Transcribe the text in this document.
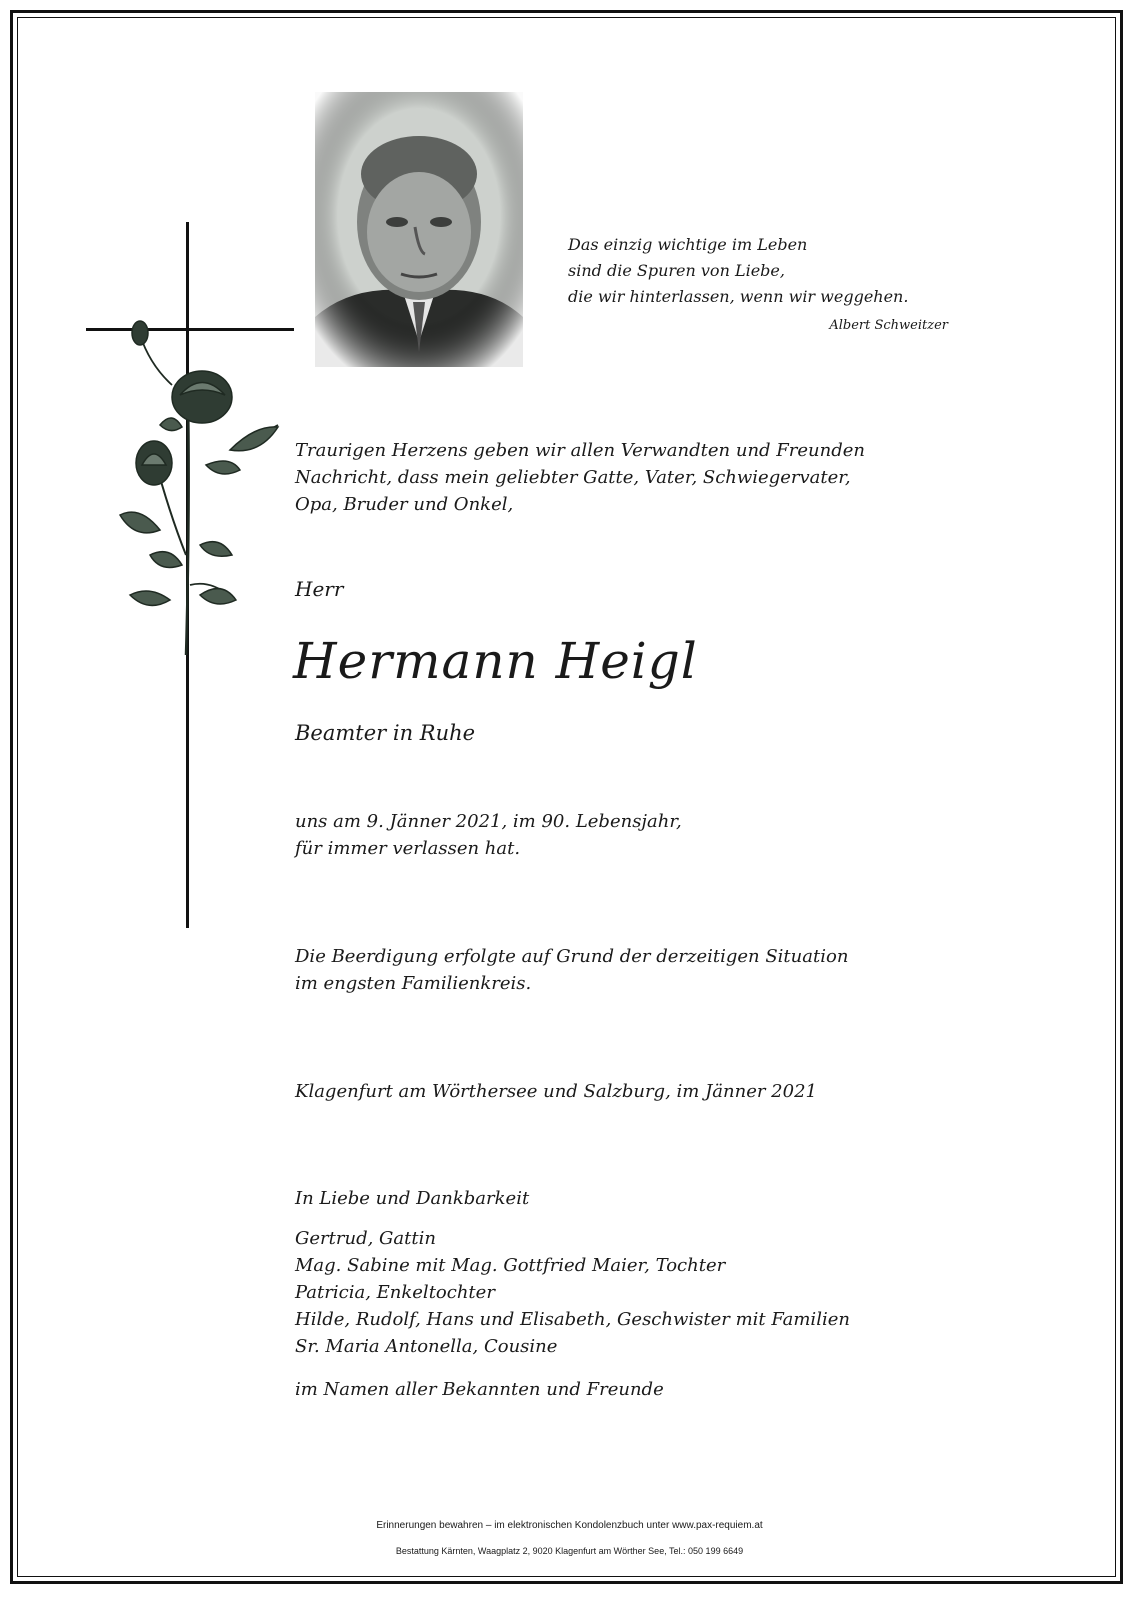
Das einzig wichtige im Leben
sind die Spuren von Liebe,
die wir hinterlassen, wenn wir weggehen.
Albert Schweitzer
Traurigen Herzens geben wir allen Verwandten und Freunden
Nachricht, dass mein geliebter Gatte, Vater, Schwiegervater,
Opa, Bruder und Onkel,
Herr
Hermann Heigl
Beamter in Ruhe
uns am 9. Jänner 2021, im 90. Lebensjahr,
für immer verlassen hat.
Die Beerdigung erfolgte auf Grund der derzeitigen Situation
im engsten Familienkreis.
Klagenfurt am Wörthersee und Salzburg, im Jänner 2021
In Liebe und Dankbarkeit
Gertrud, Gattin
Mag. Sabine mit Mag. Gottfried Maier, Tochter
Patricia, Enkeltochter
Hilde, Rudolf, Hans und Elisabeth, Geschwister mit Familien
Sr. Maria Antonella, Cousine
im Namen aller Bekannten und Freunde
Erinnerungen bewahren – im elektronischen Kondolenzbuch unter www.pax-requiem.at
Bestattung Kärnten, Waagplatz 2, 9020 Klagenfurt am Wörther See, Tel.: 050 199 6649
